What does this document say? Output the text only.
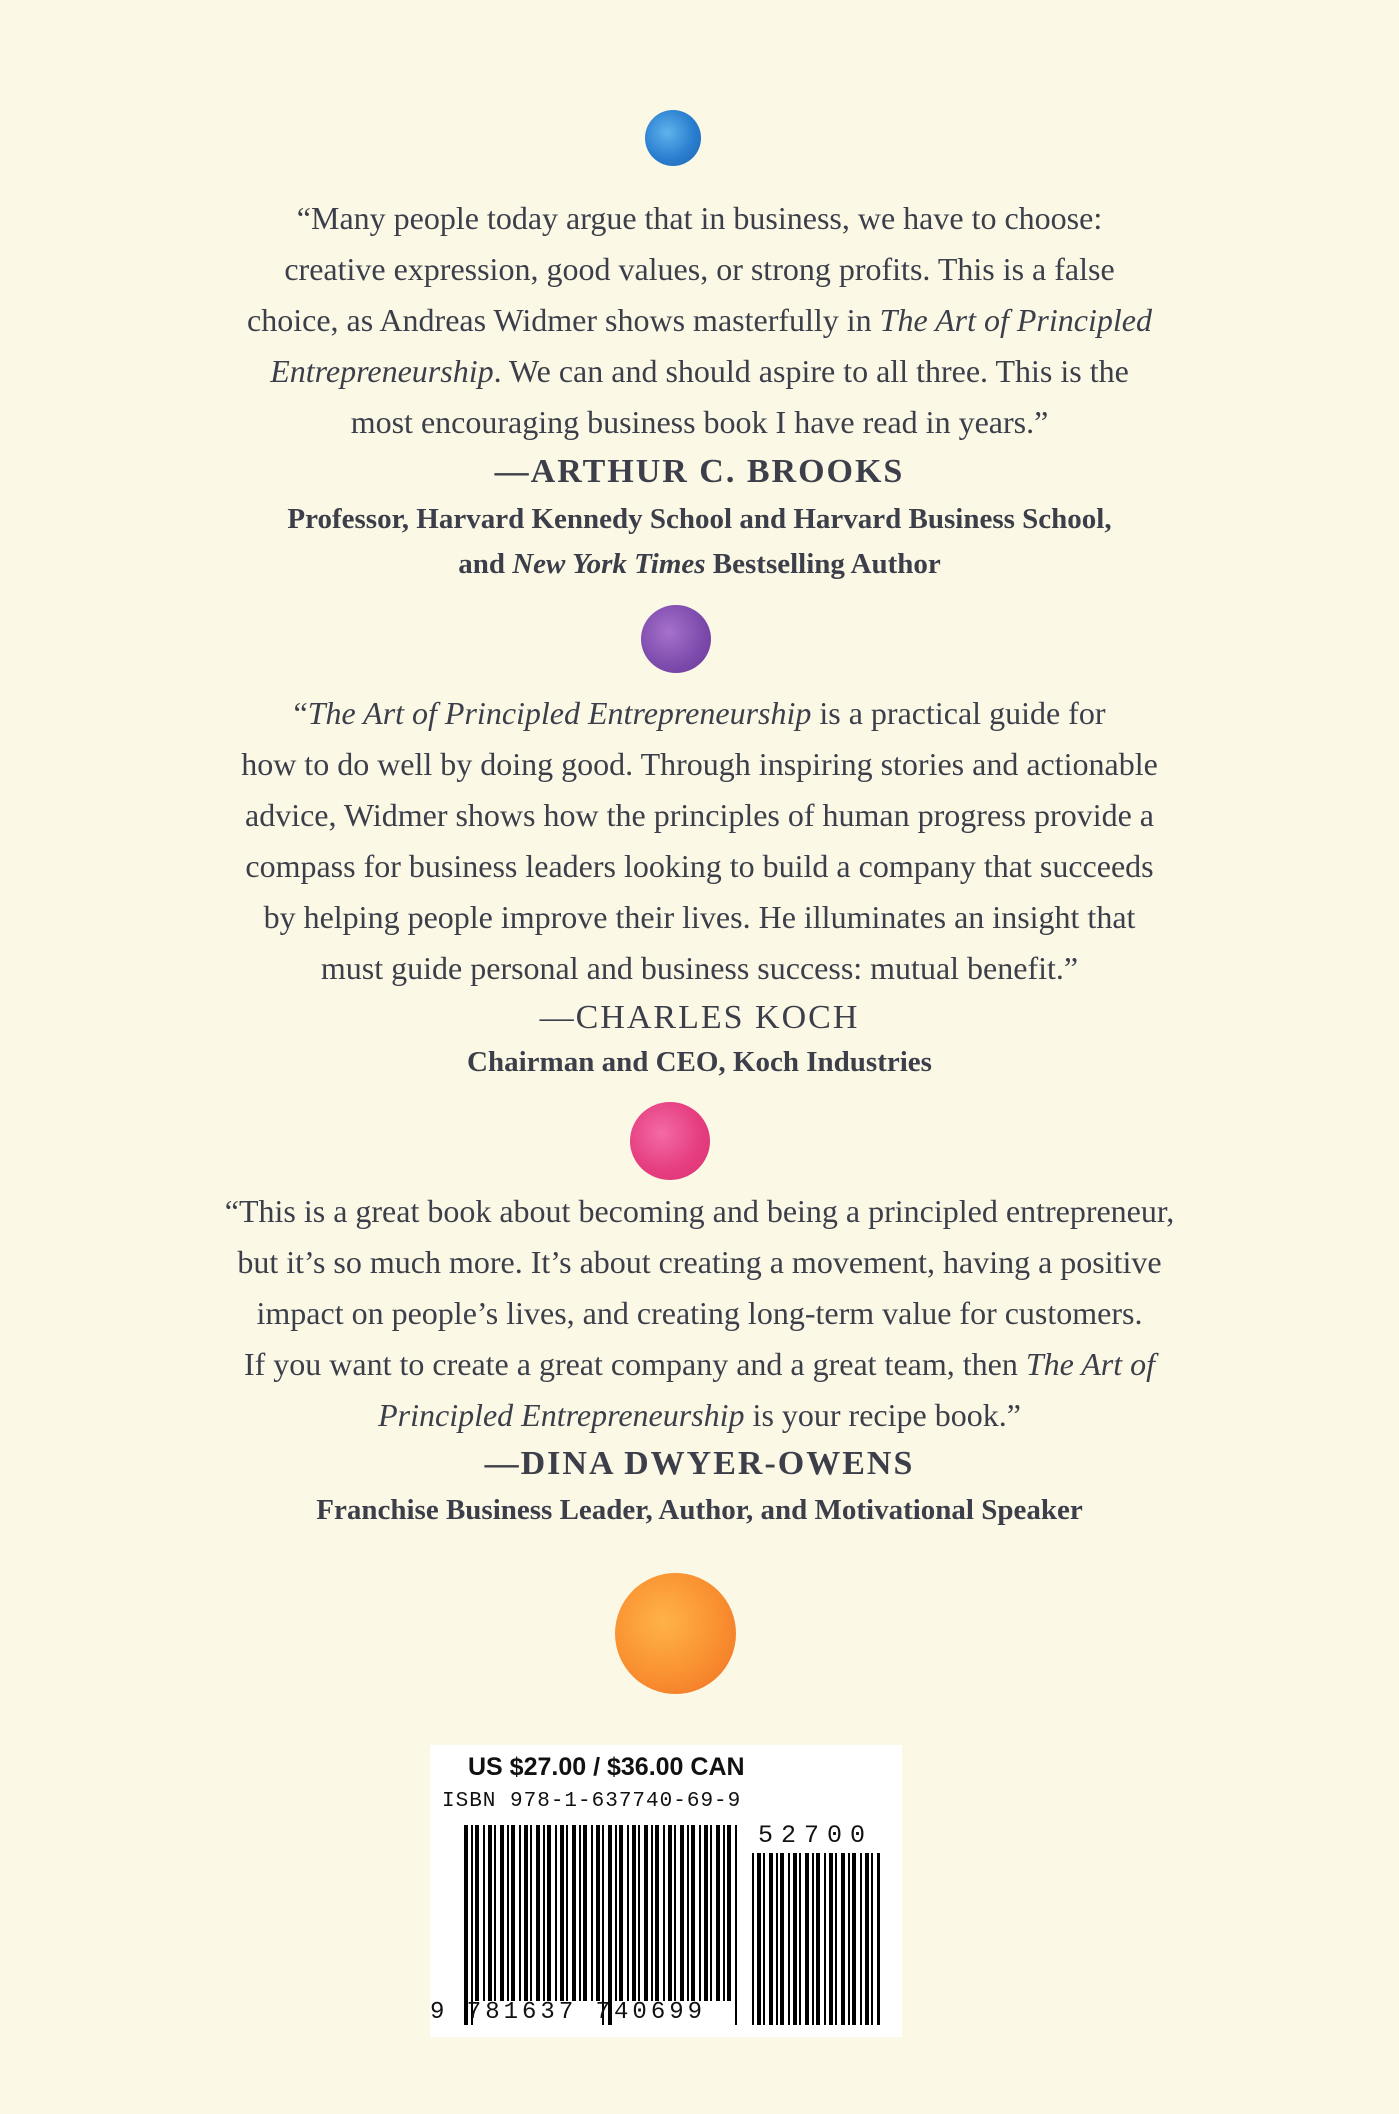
“Many people today argue that in business, we have to choose:
creative expression, good values, or strong profits. This is a false
choice, as Andreas Widmer shows masterfully in The Art of Principled
Entrepreneurship. We can and should aspire to all three. This is the
most encouraging business book I have read in years.”

—ARTHUR C. BROOKS

Professor, Harvard Kennedy School and Harvard Business School,

and New York Times Bestselling Author

“The Art of Principled Entrepreneurship is a practical guide for
how to do well by doing good. Through inspiring stories and actionable
advice, Widmer shows how the principles of human progress provide a
compass for business leaders looking to build a company that succeeds
by helping people improve their lives. He illuminates an insight that
must guide personal and business success: mutual benefit.”

—CHARLES KOCH

Chairman and CEO, Koch Industries

“This is a great book about becoming and being a principled entrepreneur,
but it’s so much more. It’s about creating a movement, having a positive
impact on people’s lives, and creating long-term value for customers.
If you want to create a great company and a great team, then The Art of
Principled Entrepreneurship is your recipe book.”

—DINA DWYER-OWENS

Franchise Business Leader, Author, and Motivational Speaker

US $27.00 / $36.00 CAN

ISBN 978-1-637740-69-9

52700

9 781637 740699
